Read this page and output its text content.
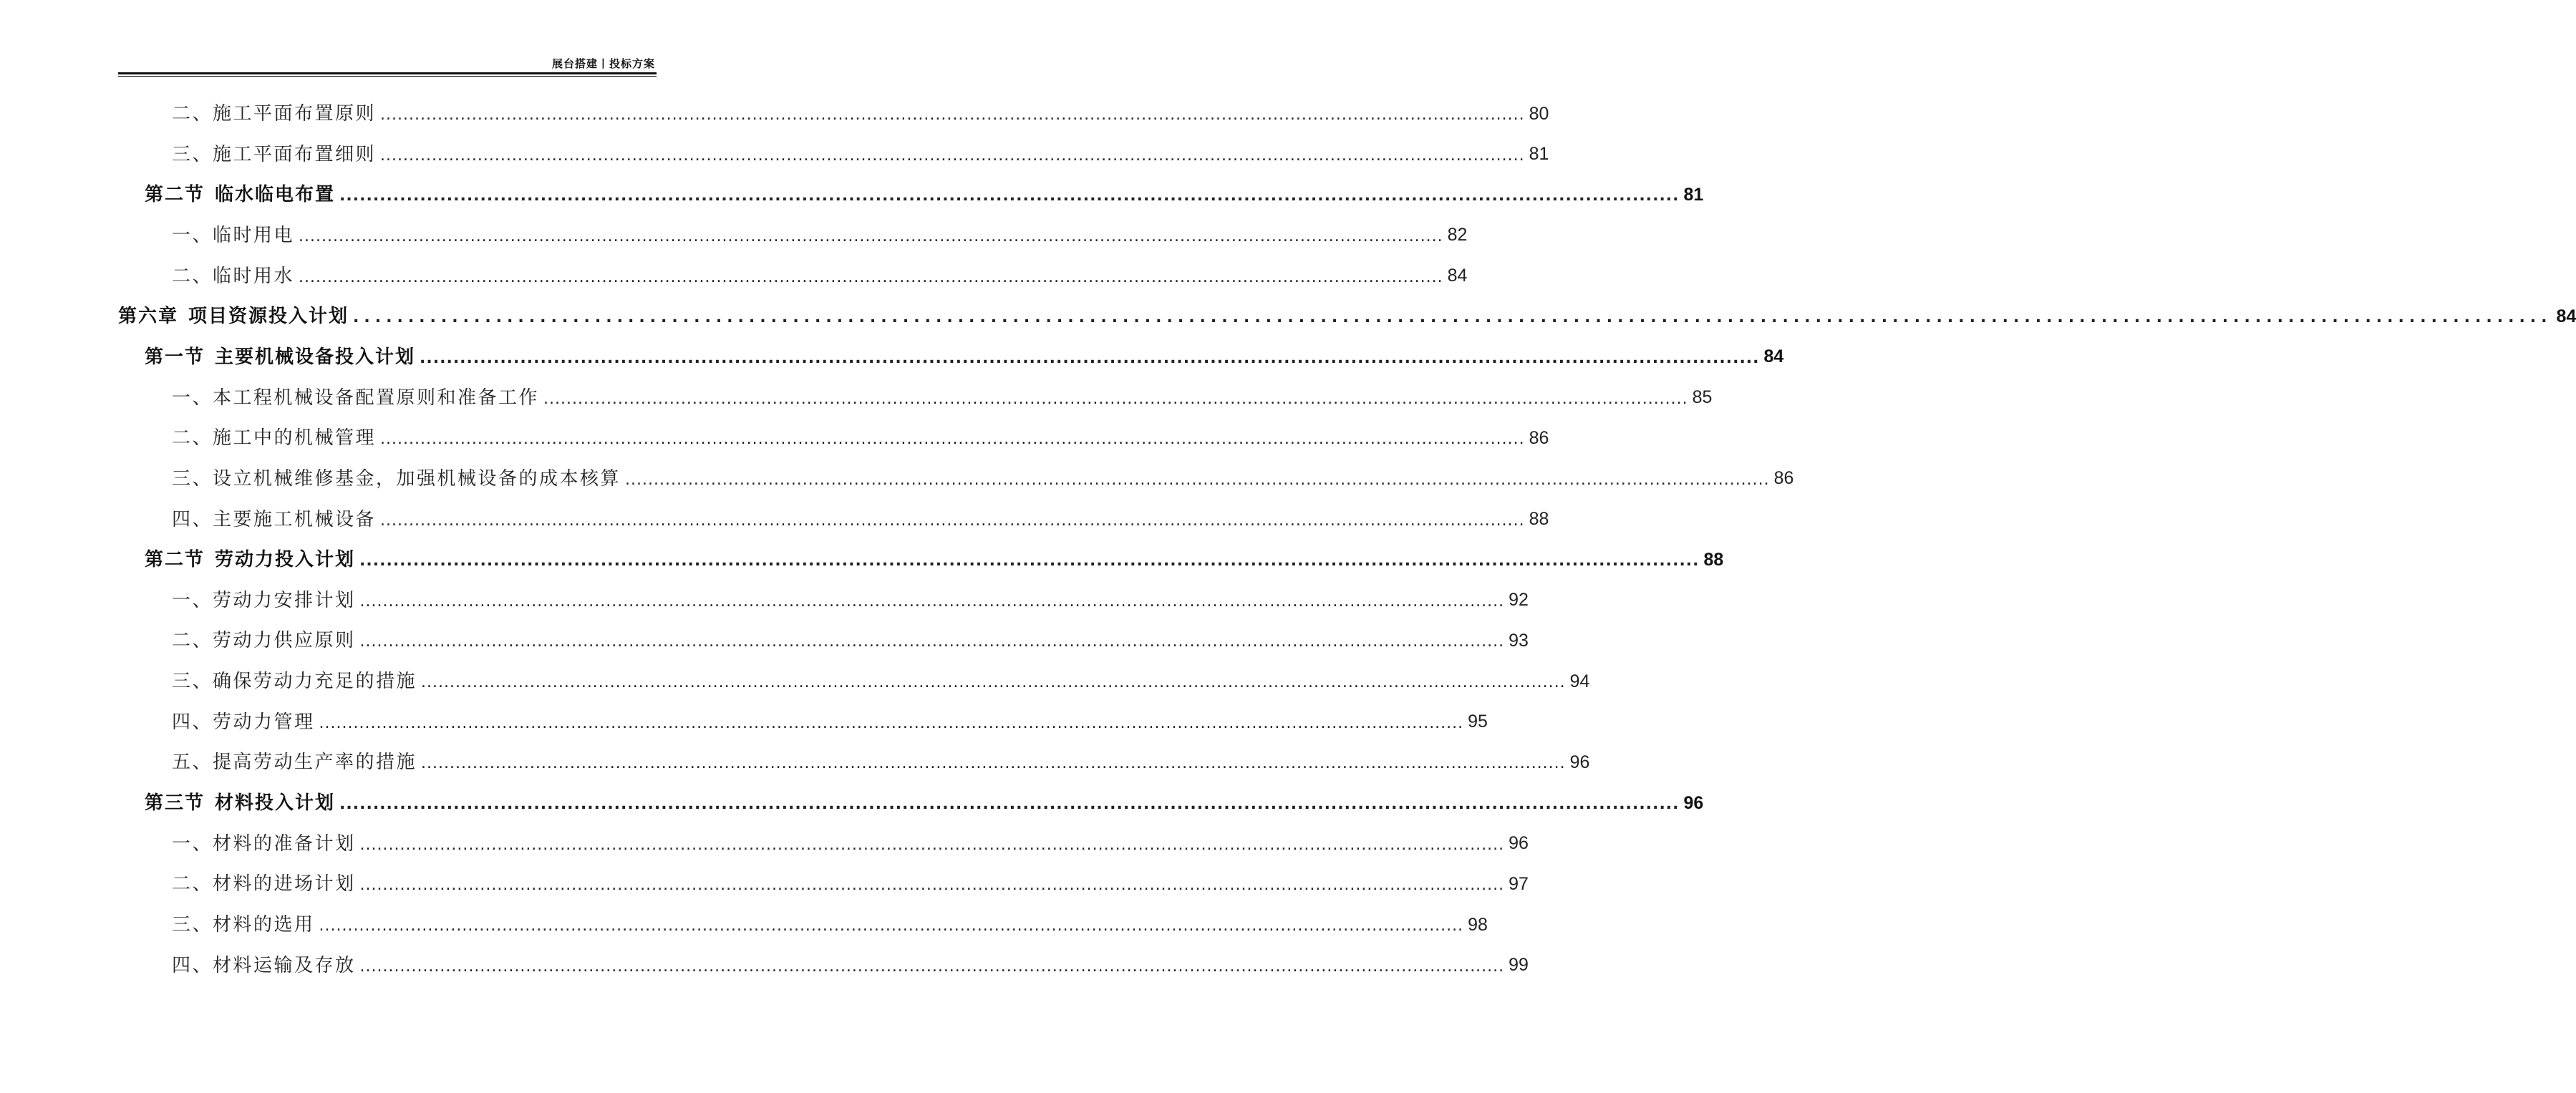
展台搭建丨投标方案
二、施工平面布置原则 ........................................................................................................................................................................................................ 80
三、施工平面布置细则 ........................................................................................................................................................................................................ 81
第二节 临水临电布置 ........................................................................................................................................................................................................ 81
一、临时用电 ........................................................................................................................................................................................................ 82
二、临时用水 ........................................................................................................................................................................................................ 84
第六章 项目资源投入计划 ........................................................................................................................................................................................................ 84
第一节 主要机械设备投入计划 ........................................................................................................................................................................................................ 84
一、本工程机械设备配置原则和准备工作 ........................................................................................................................................................................................................ 85
二、施工中的机械管理 ........................................................................................................................................................................................................ 86
三、设立机械维修基金，加强机械设备的成本核算 ........................................................................................................................................................................................................ 86
四、主要施工机械设备 ........................................................................................................................................................................................................ 88
第二节 劳动力投入计划 ........................................................................................................................................................................................................ 88
一、劳动力安排计划 ........................................................................................................................................................................................................ 92
二、劳动力供应原则 ........................................................................................................................................................................................................ 93
三、确保劳动力充足的措施 ........................................................................................................................................................................................................ 94
四、劳动力管理 ........................................................................................................................................................................................................ 95
五、提高劳动生产率的措施 ........................................................................................................................................................................................................ 96
第三节 材料投入计划 ........................................................................................................................................................................................................ 96
一、材料的准备计划 ........................................................................................................................................................................................................ 96
二、材料的进场计划 ........................................................................................................................................................................................................ 97
三、材料的选用 ........................................................................................................................................................................................................ 98
四、材料运输及存放 ........................................................................................................................................................................................................ 99
